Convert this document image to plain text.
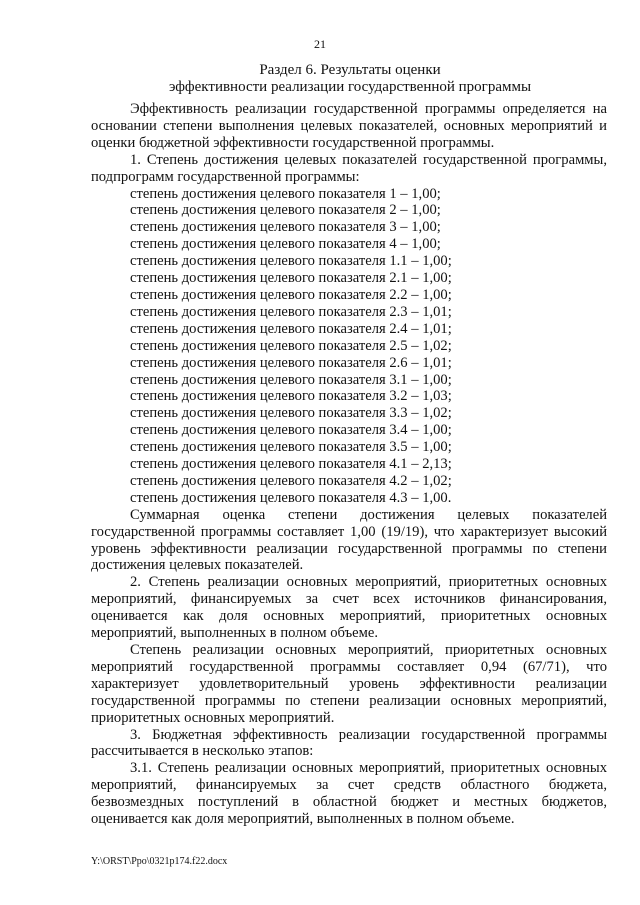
21
Раздел 6. Результаты оценки
эффективности реализации государственной программы

Эффективность реализации государственной программы определяется на основании степени выполнения целевых показателей, основных мероприятий и оценки бюджетной эффективности государственной программы.

1. Степень достижения целевых показателей государственной программы, подпрограмм государственной программы:

степень достижения целевого показателя 1 – 1,00;
степень достижения целевого показателя 2 – 1,00;
степень достижения целевого показателя 3 – 1,00;
степень достижения целевого показателя 4 – 1,00;
степень достижения целевого показателя 1.1 – 1,00;
степень достижения целевого показателя 2.1 – 1,00;
степень достижения целевого показателя 2.2 – 1,00;
степень достижения целевого показателя 2.3 – 1,01;
степень достижения целевого показателя 2.4 – 1,01;
степень достижения целевого показателя 2.5 – 1,02;
степень достижения целевого показателя 2.6 – 1,01;
степень достижения целевого показателя 3.1 – 1,00;
степень достижения целевого показателя 3.2 – 1,03;
степень достижения целевого показателя 3.3 – 1,02;
степень достижения целевого показателя 3.4 – 1,00;
степень достижения целевого показателя 3.5 – 1,00;
степень достижения целевого показателя 4.1 – 2,13;
степень достижения целевого показателя 4.2 – 1,02;
степень достижения целевого показателя 4.3 – 1,00.

Суммарная оценка степени достижения целевых показателей государственной программы составляет 1,00 (19/19), что характеризует высокий уровень эффективности реализации государственной программы по степени достижения целевых показателей.

2. Степень реализации основных мероприятий, приоритетных основных мероприятий, финансируемых за счет всех источников финансирования, оценивается как доля основных мероприятий, приоритетных основных мероприятий, выполненных в полном объеме.

Степень реализации основных мероприятий, приоритетных основных мероприятий государственной программы составляет 0,94 (67/71), что характеризует удовлетворительный уровень эффективности реализации государственной программы по степени реализации основных мероприятий, приоритетных основных мероприятий.

3. Бюджетная эффективность реализации государственной программы рассчитывается в несколько этапов:

3.1. Степень реализации основных мероприятий, приоритетных основных мероприятий, финансируемых за счет средств областного бюджета, безвозмездных поступлений в областной бюджет и местных бюджетов, оценивается как доля мероприятий, выполненных в полном объеме.

Y:\ORST\Ppo\0321p174.f22.docx
